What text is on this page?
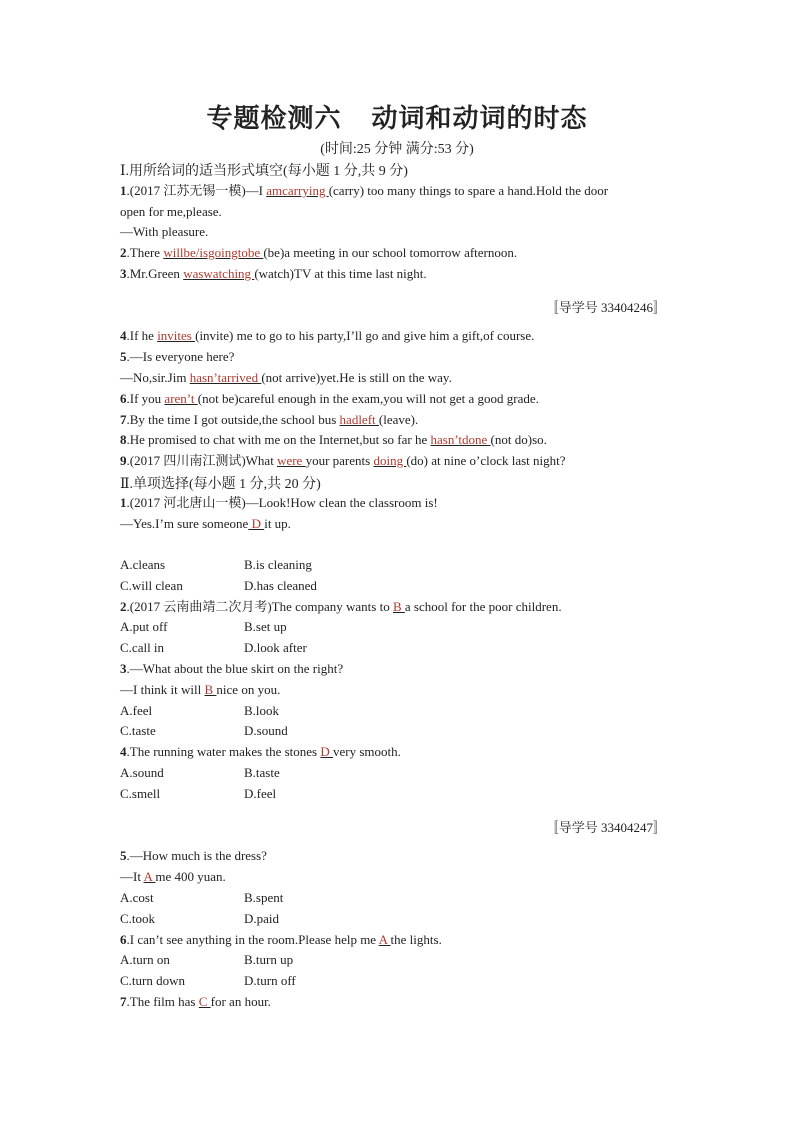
专题检测六 动词和动词的时态
(时间:25 分钟 满分:53 分)
Ⅰ.用所给词的适当形式填空(每小题 1 分,共 9 分)
1.(2017 江苏无锡一模)—I amcarrying (carry) too many things to spare a hand.Hold the door
open for me,please.
—With pleasure.
2.There willbe/isgoingtobe (be)a meeting in our school tomorrow afternoon.
3.Mr.Green waswatching (watch)TV at this time last night.
〚导学号 33404246〛
4.If he invites (invite) me to go to his party,I’ll go and give him a gift,of course.
5.—Is everyone here?
—No,sir.Jim hasn’tarrived (not arrive)yet.He is still on the way.
6.If you aren’t (not be)careful enough in the exam,you will not get a good grade.
7.By the time I got outside,the school bus hadleft (leave).
8.He promised to chat with me on the Internet,but so far he hasn’tdone (not do)so.
9.(2017 四川南江测试)What were your parents doing (do) at nine o’clock last night?
Ⅱ.单项选择(每小题 1 分,共 20 分)
1.(2017 河北唐山一模)—Look!How clean the classroom is!
—Yes.I’m sure someone D it up.
A.cleans	B.is cleaning
C.will clean	D.has cleaned
2.(2017 云南曲靖二次月考)The company wants to B a school for the poor children.
A.put off	B.set up
C.call in	D.look after
3.—What about the blue skirt on the right?
—I think it will B nice on you.
A.feel	B.look
C.taste	D.sound
4.The running water makes the stones D very smooth.
A.sound	B.taste
C.smell	D.feel
〚导学号 33404247〛
5.—How much is the dress?
—It A me 400 yuan.
A.cost	B.spent
C.took	D.paid
6.I can’t see anything in the room.Please help me A the lights.
A.turn on	B.turn up
C.turn down	D.turn off
7.The film has C for an hour.
